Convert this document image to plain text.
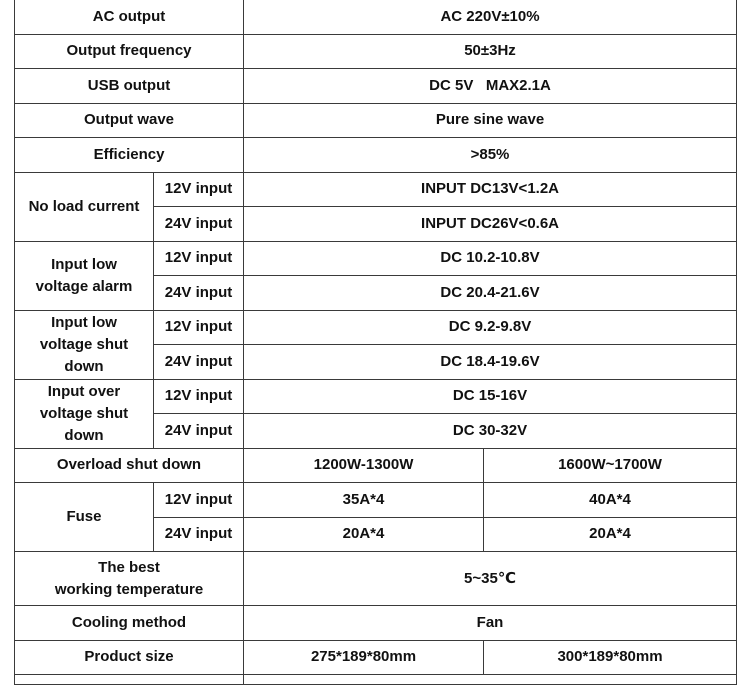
AC output		AC 220V±10%	
Output frequency		50±3Hz	
USB output		DC 5V   MAX2.1A	
Output wave		Pure sine wave	
Efficiency		>85%	
No load current	12V input	INPUT DC13V<1.2A	
	24V input	INPUT DC26V<0.6A	

Input low
voltage alarm	12V input	DC 10.2-10.8V	
	24V input	DC 20.4-21.6V	

Input low
voltage shut
down	12V input	DC 9.2-9.8V	
	24V input	DC 18.4-19.6V	

Input over
voltage shut
down	12V input	DC 15-16V	
	24V input	DC 30-32V	
Overload shut down		1200W-1300W	1600W~1700W
Fuse	12V input	35A*4	40A*4
	24V input	20A*4	20A*4

The best
working temperature		5~35℃	
Cooling method		Fan	
Product size		275*189*80mm	300*189*80mm
